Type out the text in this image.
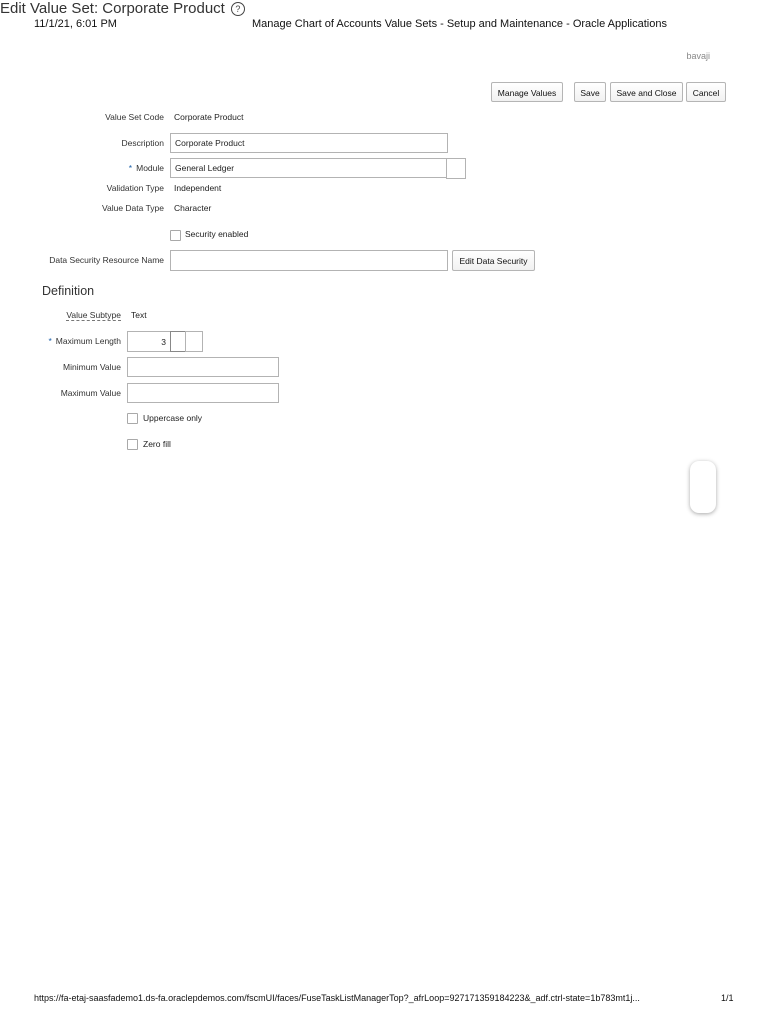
11/1/21, 6:01 PM	Manage Chart of Accounts Value Sets - Setup and Maintenance - Oracle Applications
bavaji
Edit Value Set: Corporate Product	?
Manage Values	Save	Save and Close	Cancel
Value Set Code Corporate Product
Description Corporate Product
* Module General Ledger
Validation Type Independent
Value Data Type Character
Security enabled
Data Security Resource Name	Edit Data Security
Definition
Value Subtype Text
* Maximum Length	3
Minimum Value
Maximum Value
Uppercase only
Zero fill
https://fa-etaj-saasfademo1.ds-fa.oraclepdemos.com/fscmUI/faces/FuseTaskListManagerTop?_afrLoop=927171359184223&_adf.ctrl-state=1b783mt1j...	1/1
